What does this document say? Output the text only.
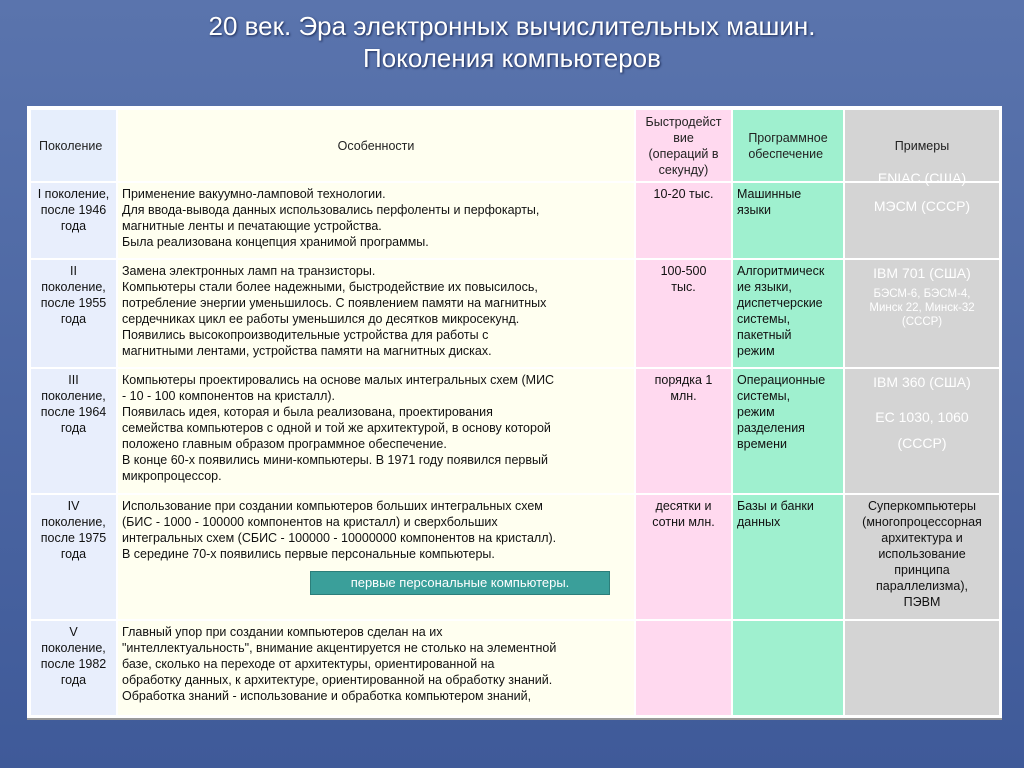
20 век. Эра электронных вычислительных машин.
Поколения компьютеров
Поколение	Особенности
Быстродейст
вие
(операций в
секунду)
Программное
обеспечение
Примеры
I поколение,
после 1946
года
Применение вакуумно-ламповой технологии.
Для ввода-вывода данных использовались перфоленты и перфокарты,
магнитные ленты и печатающие устройства.
Была реализована концепция хранимой программы.
10-20 тыс.	Машинные
языки
ENIAC (США)
МЭСМ (СССР)
II
поколение,
после 1955
года
Замена электронных ламп на транзисторы.
Компьютеры стали более надежными, быстродействие их повысилось,
потребление энергии уменьшилось. С появлением памяти на магнитных
сердечниках цикл ее работы уменьшился до десятков микросекунд.
Появились высокопроизводительные устройства для работы с
магнитными лентами, устройства памяти на магнитных дисках.
100-500
тыс.
Алгоритмическ
ие языки,
диспетчерские
системы,
пакетный
режим
IBM 701 (США)
БЭСМ-6, БЭСМ-4,
Минск 22, Минск-32
(СССР)
III
поколение,
после 1964
года
Компьютеры проектировались на основе малых интегральных схем (МИС
- 10 - 100 компонентов на кристалл).
Появилась идея, которая и была реализована, проектирования
семейства компьютеров с одной и той же архитектурой, в основу которой
положено главным образом программное обеспечение.
В конце 60-х появились мини-компьютеры. В 1971 году появился первый
микропроцессор.
порядка 1
млн.
Операционные
системы,
режим
разделения
времени
IBM 360 (США)
ЕС 1030, 1060
(СССР)
IV
поколение,
после 1975
года
Использование при создании компьютеров больших интегральных схем
(БИС - 1000 - 100000 компонентов на кристалл) и сверхбольших
интегральных схем (СБИС - 100000 - 10000000 компонентов на кристалл).
В середине 70-х появились первые персональные компьютеры.
десятки и
сотни млн.
Базы и банки
данных
Суперкомпьютеры
(многопроцессорная
архитектура и
использование
принципа
параллелизма),
ПЭВМ
V
поколение,
после 1982
года
Главный упор при создании компьютеров сделан на их
"интеллектуальность", внимание акцентируется не столько на элементной
базе, сколько на переходе от архитектуры, ориентированной на
обработку данных, к архитектуре, ориентированной на обработку знаний.
Обработка знаний - использование и обработка компьютером знаний,
первые персональные компьютеры.
